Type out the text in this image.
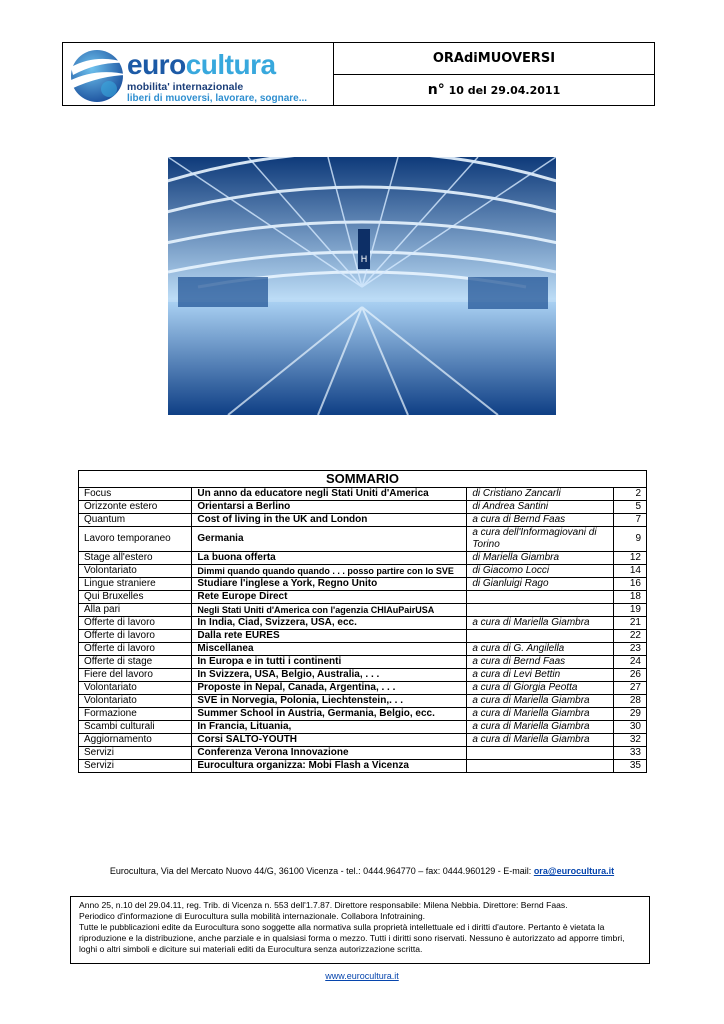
eurocultura
mobilita' internazionale
liberi di muoversi, lavorare, sognare...
ORAdiMUOVERSI
n°
10 del 29.04.2011
H
SOMMARIO			
Focus	Un anno da educatore negli Stati Uniti d'America	di Cristiano Zancarli	2
Orizzonte estero	Orientarsi a Berlino	di Andrea Santini	5
Quantum	Cost of living in the UK and London	a cura di Bernd Faas	7
Lavoro temporaneo	Germania	a cura dell'Informagiovani di Torino	9
Stage all'estero	La buona offerta	di Mariella Giambra	12
Volontariato	Dimmi quando quando quando . . . posso partire con lo SVE	di Giacomo Locci	14
Lingue straniere	Studiare l'inglese a York, Regno Unito	di Gianluigi Rago	16
Qui Bruxelles	Rete Europe Direct		18
Alla pari	Negli Stati Uniti d'America con l'agenzia CHIAuPairUSA		19
Offerte di lavoro	In India, Ciad, Svizzera, USA, ecc.	a cura di Mariella Giambra	21
Offerte di lavoro	Dalla rete EURES		22
Offerte di lavoro	Miscellanea	a cura di G. Angilella	23
Offerte di stage	In Europa e in tutti i continenti	a cura di Bernd Faas	24
Fiere del lavoro	In Svizzera, USA, Belgio, Australia, . . .	a cura di Levi Bettin	26
Volontariato	Proposte in Nepal, Canada, Argentina, . . .	a cura di Giorgia Peotta	27
Volontariato	SVE in Norvegia, Polonia, Liechtenstein,. . .	a cura di Mariella Giambra	28
Formazione	Summer School in Austria, Germania, Belgio, ecc.	a cura di Mariella Giambra	29
Scambi culturali	In Francia, Lituania,	a cura di Mariella Giambra	30
Aggiornamento	Corsi SALTO-YOUTH	a cura di Mariella Giambra	32
Servizi	Conferenza Verona Innovazione		33
Servizi	Eurocultura organizza: Mobi Flash a Vicenza		35
Eurocultura, Via del Mercato Nuovo 44/G, 36100 Vicenza - tel.: 0444.964770 – fax: 0444.960129 - E-mail: ora@eurocultura.it
Anno 25, n.10 del 29.04.11, reg. Trib. di Vicenza n. 553 dell'1.7.87. Direttore responsabile: Milena Nebbia. Direttore: Bernd Faas.
Periodico d'informazione di Eurocultura sulla mobilità internazionale. Collabora Infotraining.
Tutte le pubblicazioni edite da Eurocultura sono soggette alla normativa sulla proprietà intellettuale ed i diritti d'autore. Pertanto è vietata la riproduzione e la distribuzione, anche parziale e in qualsiasi forma o mezzo. Tutti i diritti sono riservati. Nessuno è autorizzato ad apporre timbri, loghi o altri simboli e diciture sui materiali editi da Eurocultura senza autorizzazione scritta.
www.eurocultura.it
